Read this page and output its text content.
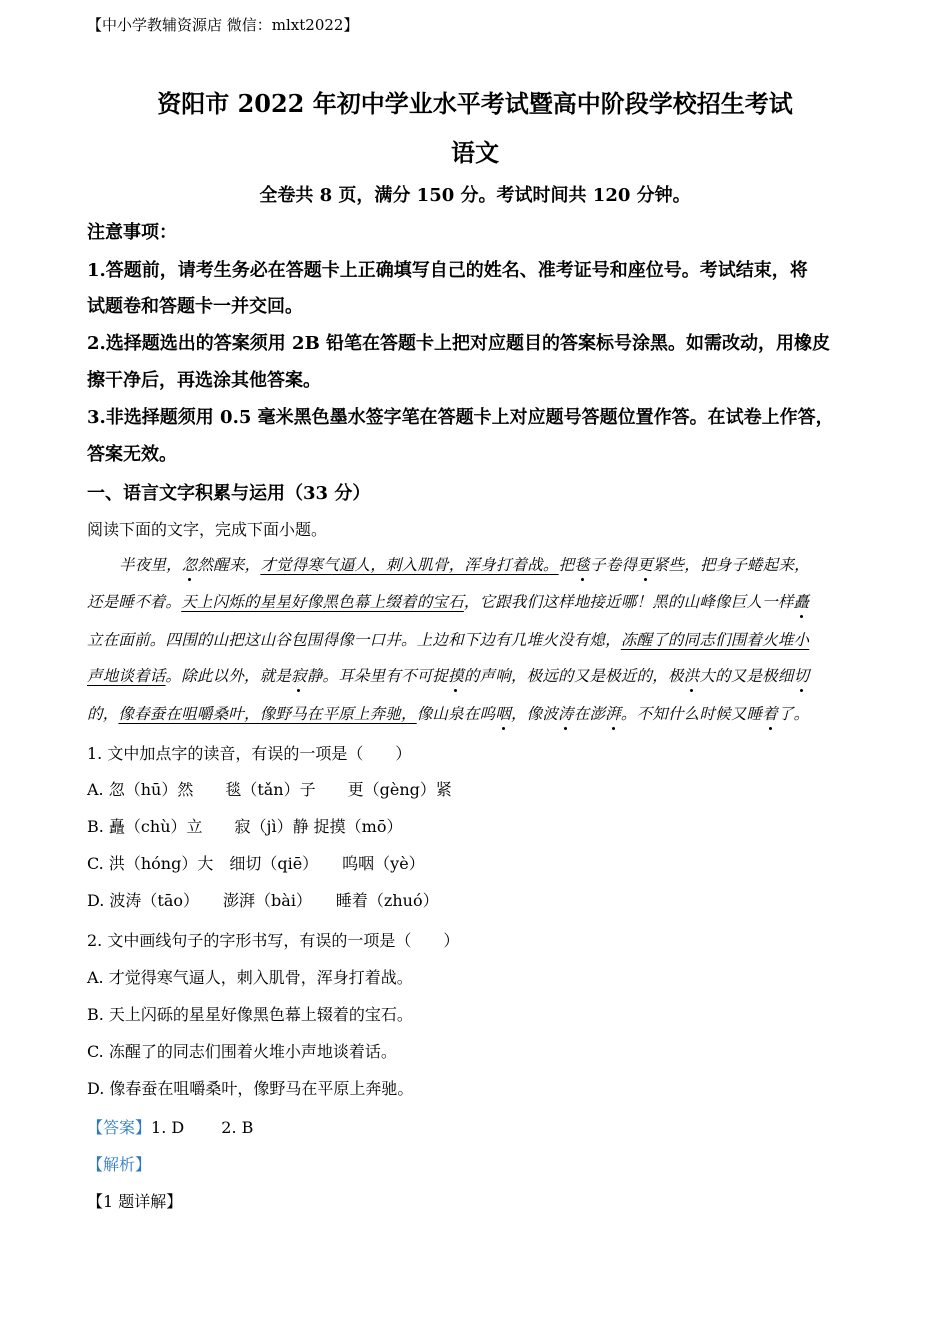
【中小学教辅资源店 微信：mlxt2022】
资阳市 2022 年初中学业水平考试暨高中阶段学校招生考试
语文
全卷共 8 页，满分 150 分。考试时间共 120 分钟。
注意事项：
1.答题前，请考生务必在答题卡上正确填写自己的姓名、准考证号和座位号。考试结束，将
试题卷和答题卡一并交回。
2.选择题选出的答案须用 2B 铅笔在答题卡上把对应题目的答案标号涂黑。如需改动，用橡皮
擦干净后，再选涂其他答案。
3.非选择题须用 0.5 毫米黑色墨水签字笔在答题卡上对应题号答题位置作答。在试卷上作答，
答案无效。
一、语言文字积累与运用（33 分）
阅读下面的文字，完成下面小题。
半夜里，忽然醒来，才觉得寒气逼人，刺入肌骨，浑身打着战。把毯子卷得更紧些，把身子蜷起来，
还是睡不着。天上闪烁的星星好像黑色幕上缀着的宝石，它跟我们这样地接近哪！黑的山峰像巨人一样矗
立在面前。四围的山把这山谷包围得像一口井。上边和下边有几堆火没有熄，冻醒了的同志们围着火堆小
声地谈着话。除此以外，就是寂静。耳朵里有不可捉摸的声响，极远的又是极近的，极洪大的又是极细切
的，像春蚕在咀嚼桑叶，像野马在平原上奔驰，像山泉在呜咽，像波涛在澎湃。不知什么时候又睡着了。
1. 文中加点字的读音，有误的一项是（　　）
A. 忽（hū）然　　毯（tǎn）子　　更（gèng）紧
B. 矗（chù）立　　寂（jì）静 捉摸（mō）
C. 洪（hóng）大　细切（qiē）　　呜咽（yè）
D. 波涛（tāo）　　澎湃（bài）　　睡着（zhuó）
2. 文中画线句子的字形书写，有误的一项是（　　）
A. 才觉得寒气逼人，刺入肌骨，浑身打着战。
B. 天上闪砾的星星好像黑色幕上辍着的宝石。
C. 冻醒了的同志们围着火堆小声地谈着话。
D. 像春蚕在咀嚼桑叶，像野马在平原上奔驰。
【答案】1. D　　 2. B
【解析】
【1 题详解】
